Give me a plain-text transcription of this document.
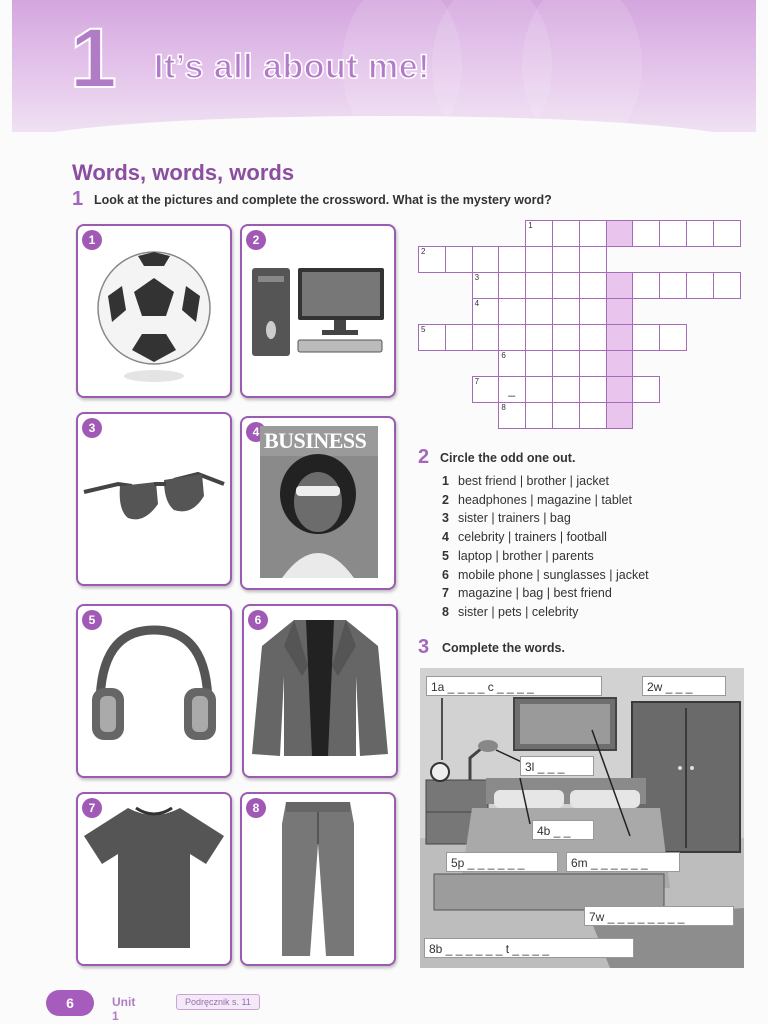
1 It’s all about me!
Words, words, words
1 Look at the pictures and complete the crossword. What is the mystery word?
1	2
3	4 BUSINESS
5	6
7	8
1
2
3
4
5
6
7
_
8
2 Circle the odd one out.
1 best friend | brother | jacket
2 headphones | magazine | tablet
3 sister | trainers | bag
4 celebrity | trainers | football
5 laptop | brother | parents
6 mobile phone | sunglasses | jacket
7 magazine | bag | best friend
8 sister | pets | celebrity
3 Complete the words.
1a _ _ _ _ c _ _ _ _	2w _ _ _
3l _ _ _
4b _ _
5p _ _ _ _ _ _	6m _ _ _ _ _ _
7w _ _ _ _ _ _ _ _
8b _ _ _ _ _ _ t _ _ _ _
6	Unit 1
Podręcznik s. 11
